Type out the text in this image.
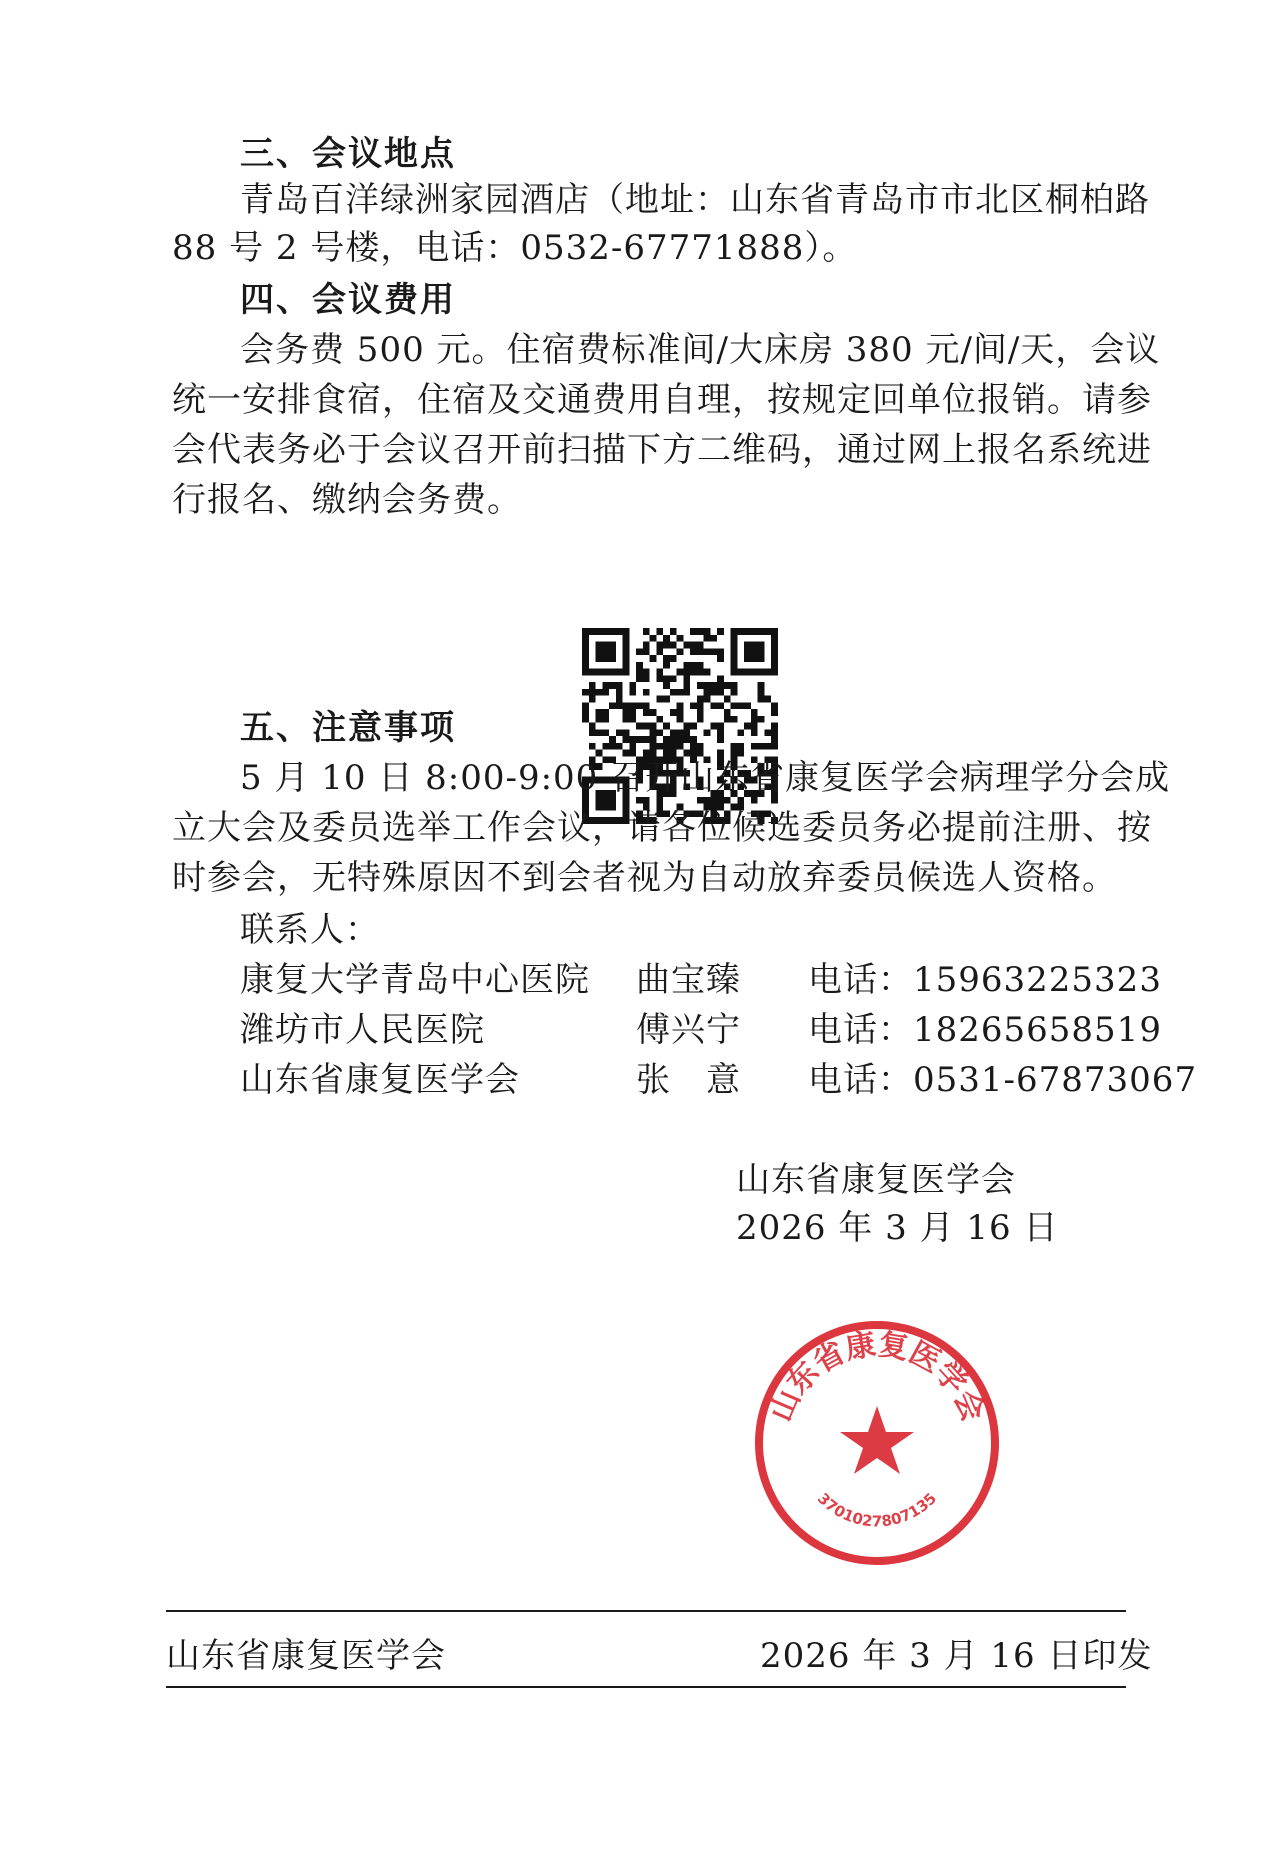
三、会议地点
青岛百洋绿洲家园酒店（地址：山东省青岛市市北区桐柏路
88 号 2 号楼，电话：0532-67771888）。
四、会议费用
会务费 500 元。住宿费标准间/大床房 380 元/间/天，会议
统一安排食宿，住宿及交通费用自理，按规定回单位报销。请参
会代表务必于会议召开前扫描下方二维码，通过网上报名系统进
行报名、缴纳会务费。
五、注意事项
5 月 10 日 8:00-9:00 召开山东省康复医学会病理学分会成
立大会及委员选举工作会议，请各位候选委员务必提前注册、按
时参会，无特殊原因不到会者视为自动放弃委员候选人资格。
联系人：
康复大学青岛中心医院 曲宝臻 电话：15963225323
潍坊市人民医院	傅兴宁 电话：18265658519
山东省康复医学会	张　意 电话：0531-67873067
山东省康复医学会
2026 年 3 月 16 日
山东省康复医学会
3701027807135
山东省康复医学会	2026 年 3 月 16 日印发
